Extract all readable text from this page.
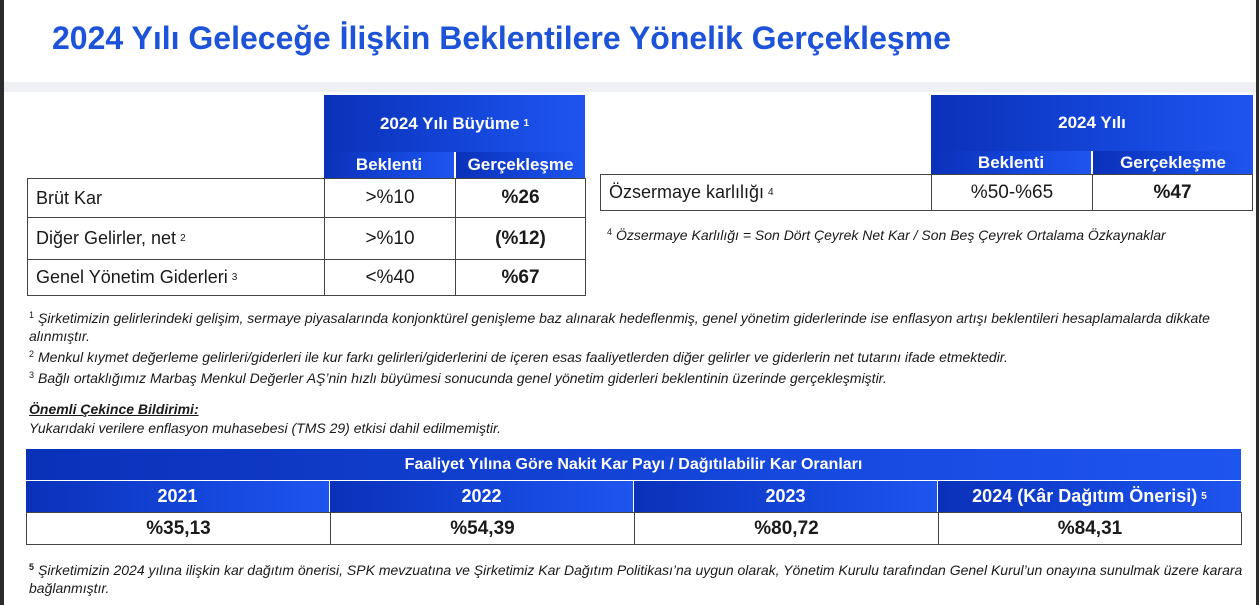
2024 Yılı Geleceğe İlişkin Beklentilere Yönelik Gerçekleşme
2024 Yılı Büyüme 1
Beklenti	Gerçekleşme
Brüt Kar	>%10	%26
Diğer Gelirler, net 2	>%10	(%12)
Genel Yönetim Giderleri 3	<%40	%67
2024 Yılı
Beklenti	Gerçekleşme
Özsermaye karlılığı 4	%50-%65	%47
$^4$ Özsermaye Karlılığı = Son Dört Çeyrek Net Kar / Son Beş Çeyrek Ortalama Özkaynaklar

$^1$ Şirketimizin gelirlerindeki gelişim, sermaye piyasalarında konjonktürel genişleme baz alınarak hedeflenmiş, genel yönetim giderlerinde ise enflasyon artışı beklentileri hesaplamalarda dikkate alınmıştır.

$^2$ Menkul kıymet değerleme gelirleri/giderleri ile kur farkı gelirleri/giderlerini de içeren esas faaliyetlerden diğer gelirler ve giderlerin net tutarını ifade etmektedir.

$^3$ Bağlı ortaklığımız Marbaş Menkul Değerler AŞ’nin hızlı büyümesi sonucunda genel yönetim giderleri beklentinin üzerinde gerçekleşmiştir.

Önemli Çekince Bildirimi:
Yukarıdaki verilere enflasyon muhasebesi (TMS 29) etkisi dahil edilmemiştir.
Faaliyet Yılına Göre Nakit Kar Payı / Dağıtılabilir Kar Oranları
2021	2022	2023	2024 (Kâr Dağıtım Önerisi) 5
%35,13	%54,39	%80,72	%84,31
$^5$ Şirketimizin 2024 yılına ilişkin kar dağıtım önerisi, SPK mevzuatına ve Şirketimiz Kar Dağıtım Politikası’na uygun olarak, Yönetim Kurulu tarafından Genel Kurul’un onayına sunulmak üzere karara bağlanmıştır.
